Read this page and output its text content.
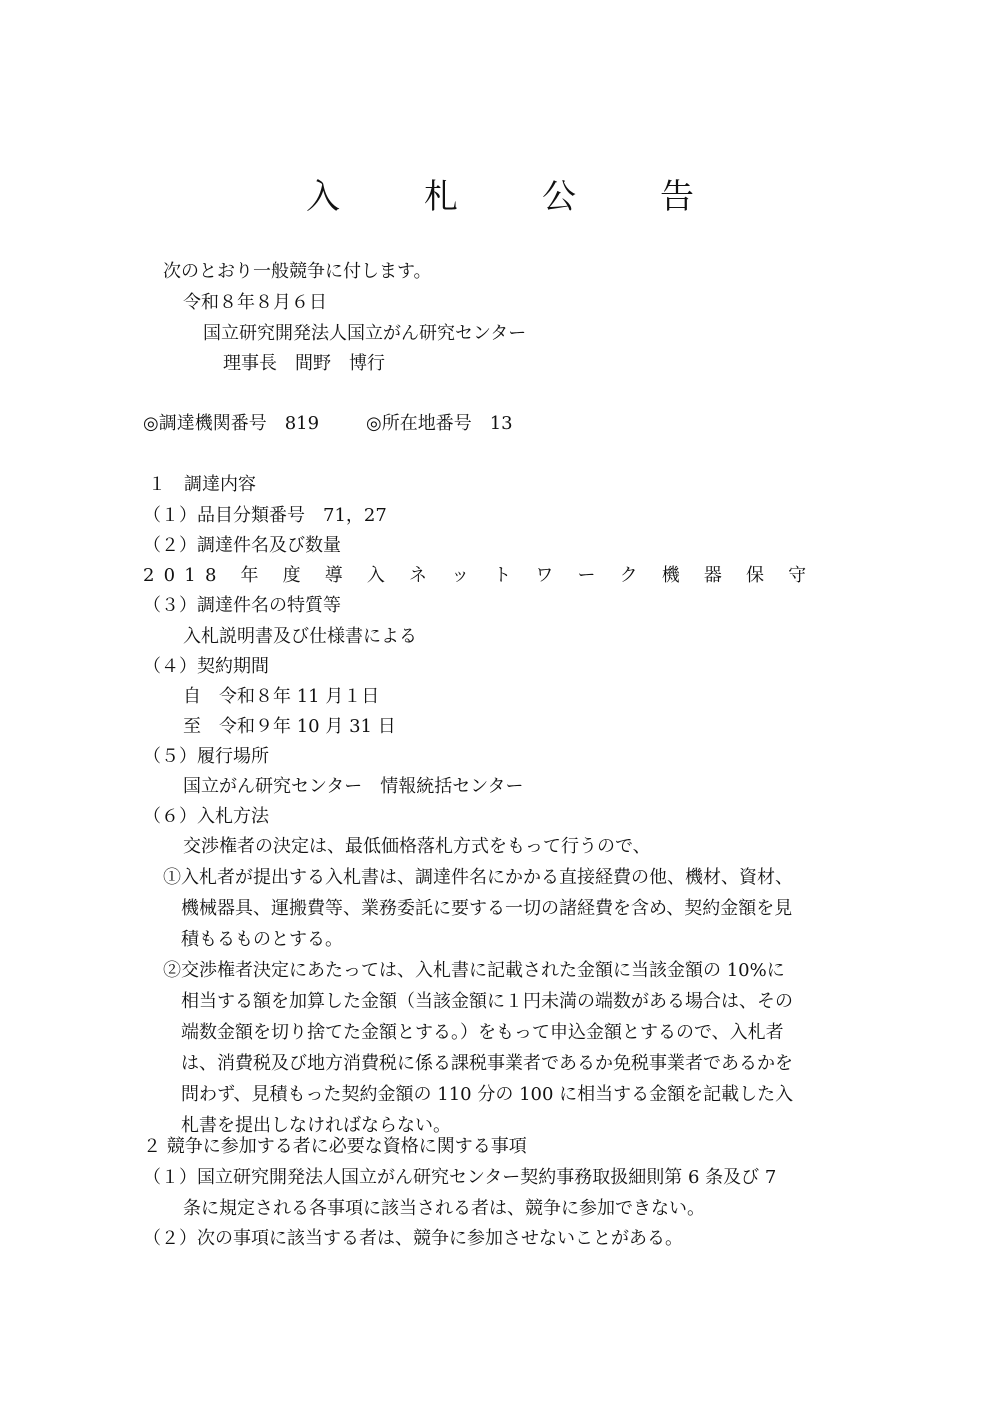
入	札	公	告
次のとおり一般競争に付します。
令和８年８月６日
国立研究開発法人国立がん研究センター
理事長　間野　博行
◎調達機関番号　819	◎所在地番号　13
１　調達内容
（１）品目分類番号　71，27
（２）調達件名及び数量
2018 年 度 導 入 ネ ッ ト ワ ー ク 機 器 保 守
（３）調達件名の特質等
入札説明書及び仕様書による
（４）契約期間
自　令和８年 11 月１日
至　令和９年 10 月 31 日
（５）履行場所
国立がん研究センター　情報統括センター
（６）入札方法
交渉権者の決定は、最低価格落札方式をもって行うので、
①入札者が提出する入札書は、調達件名にかかる直接経費の他、機材、資材、
機械器具、運搬費等、業務委託に要する一切の諸経費を含め、契約金額を見
積もるものとする。
②交渉権者決定にあたっては、入札書に記載された金額に当該金額の 10%に
相当する額を加算した金額（当該金額に１円未満の端数がある場合は、その
端数金額を切り捨てた金額とする。）をもって申込金額とするので、入札者
は、消費税及び地方消費税に係る課税事業者であるか免税事業者であるかを
問わず、見積もった契約金額の 110 分の 100 に相当する金額を記載した入
札書を提出しなければならない。
２ 競争に参加する者に必要な資格に関する事項
（１）国立研究開発法人国立がん研究センター契約事務取扱細則第 6 条及び 7
条に規定される各事項に該当される者は、競争に参加できない。
（２）次の事項に該当する者は、競争に参加させないことがある。
